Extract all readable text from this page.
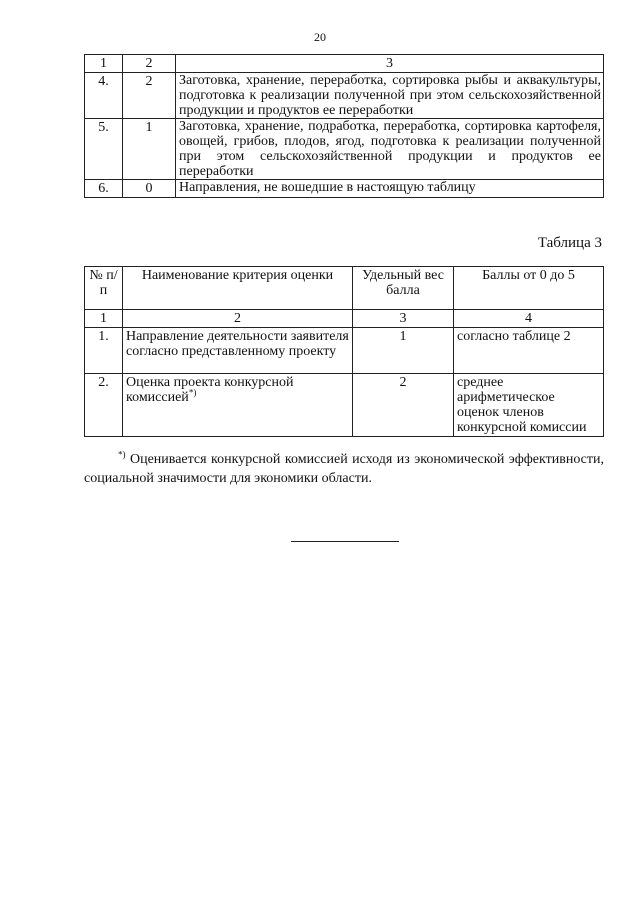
20
1	2	3
4.	2	Заготовка, хранение, переработка, сортировка рыбы и аквакультуры, подготовка к реализации полученной при этом сельскохозяйственной продукции и продуктов ее переработки
5.	1	Заготовка, хранение, подработка, переработка, сортировка картофеля, овощей, грибов, плодов, ягод, подготовка к реализации полученной при этом сельскохозяйственной продукции и продуктов ее переработки
6.	0	Направления, не вошедшие в настоящую таблицу
Таблица 3
№ п/п	Наименование критерия оценки	Удельный вес балла	Баллы от 0 до 5
1	2	3	4
1.	Направление деятельности заявителя согласно представленному проекту	1	согласно таблице 2
2.	Оценка проекта конкурсной комиссией*)	2	среднее арифметическое оценок членов конкурсной комиссии
*) Оценивается конкурсной комиссией исходя из экономической эффективности, социальной значимости для экономики области.
